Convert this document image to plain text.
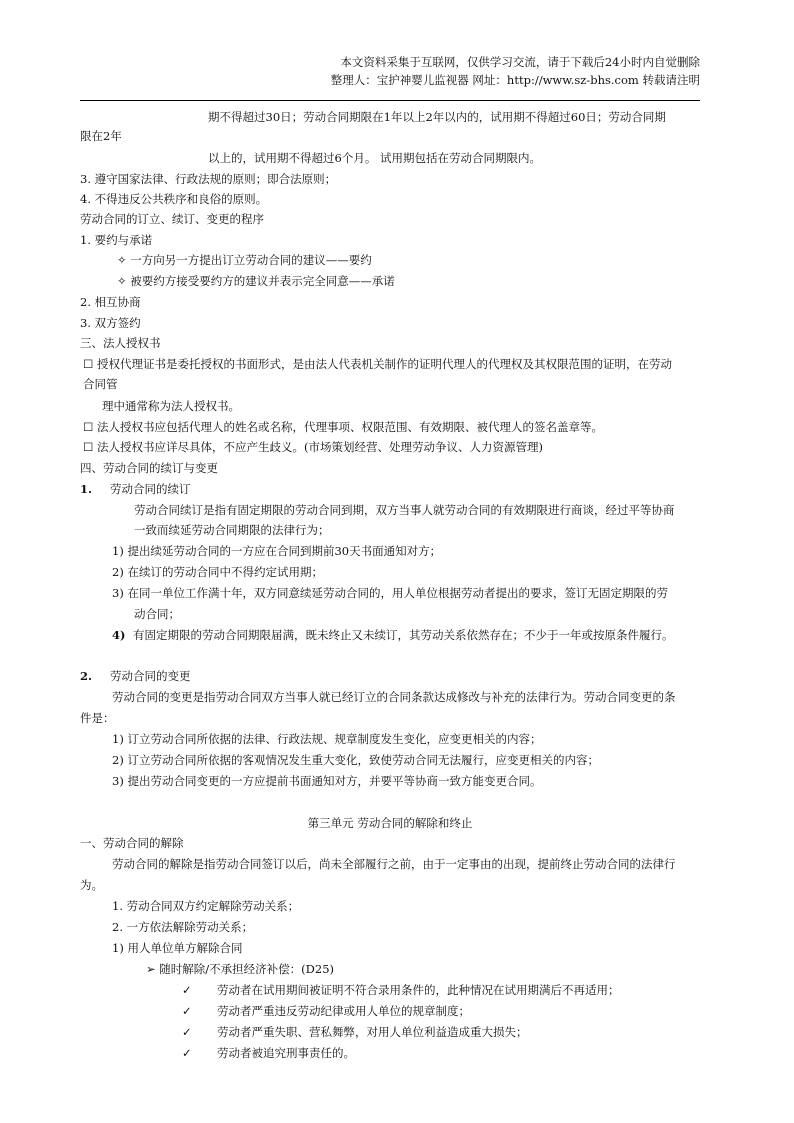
本文资料采集于互联网，仅供学习交流，请于下载后24小时内自觉删除
整理人：宝护神婴儿监视器 网址：http://www.sz-bhs.com 转载请注明
期不得超过30日；劳动合同期限在1年以上2年以内的，试用期不得超过60日；劳动合同期
限在2年
以上的，试用期不得超过6个月。 试用期包括在劳动合同期限内。
3. 遵守国家法律、行政法规的原则；即合法原则；
4. 不得违反公共秩序和良俗的原则。
劳动合同的订立、续订、变更的程序
1. 要约与承诺
✧ 一方向另一方提出订立劳动合同的建议——要约
✧ 被要约方接受要约方的建议并表示完全同意——承诺
2. 相互协商
3. 双方签约
三、法人授权书
☐ 授权代理证书是委托授权的书面形式，是由法人代表机关制作的证明代理人的代理权及其权限范围的证明，在劳动
合同管
理中通常称为法人授权书。
☐ 法人授权书应包括代理人的姓名或名称，代理事项、权限范围、有效期限、被代理人的签名盖章等。
☐ 法人授权书应详尽具体，不应产生歧义。(市场策划经营、处理劳动争议、人力资源管理)
四、劳动合同的续订与变更
1. 劳动合同的续订
劳动合同续订是指有固定期限的劳动合同到期，双方当事人就劳动合同的有效期限进行商谈，经过平等协商
一致而续延劳动合同期限的法律行为；
1) 提出续延劳动合同的一方应在合同到期前30天书面通知对方；
2) 在续订的劳动合同中不得约定试用期；
3) 在同一单位工作满十年，双方同意续延劳动合同的，用人单位根据劳动者提出的要求，签订无固定期限的劳
动合同；
4) 有固定期限的劳动合同期限届满，既未终止又未续订，其劳动关系依然存在；不少于一年或按原条件履行。
2. 劳动合同的变更
劳动合同的变更是指劳动合同双方当事人就已经订立的合同条款达成修改与补充的法律行为。劳动合同变更的条
件是：
1) 订立劳动合同所依据的法律、行政法规、规章制度发生变化，应变更相关的内容；
2) 订立劳动合同所依据的客观情况发生重大变化，致使劳动合同无法履行，应变更相关的内容；
3) 提出劳动合同变更的一方应提前书面通知对方，并要平等协商一致方能变更合同。
第三单元 劳动合同的解除和终止
一、劳动合同的解除
劳动合同的解除是指劳动合同签订以后，尚未全部履行之前，由于一定事由的出现，提前终止劳动合同的法律行
为。
1. 劳动合同双方约定解除劳动关系；
2. 一方依法解除劳动关系；
1) 用人单位单方解除合同
➢ 随时解除/不承担经济补偿：(D25)
✓ 劳动者在试用期间被证明不符合录用条件的，此种情况在试用期满后不再适用；
✓ 劳动者严重违反劳动纪律或用人单位的规章制度；
✓ 劳动者严重失职、营私舞弊，对用人单位利益造成重大损失；
✓ 劳动者被追究刑事责任的。
